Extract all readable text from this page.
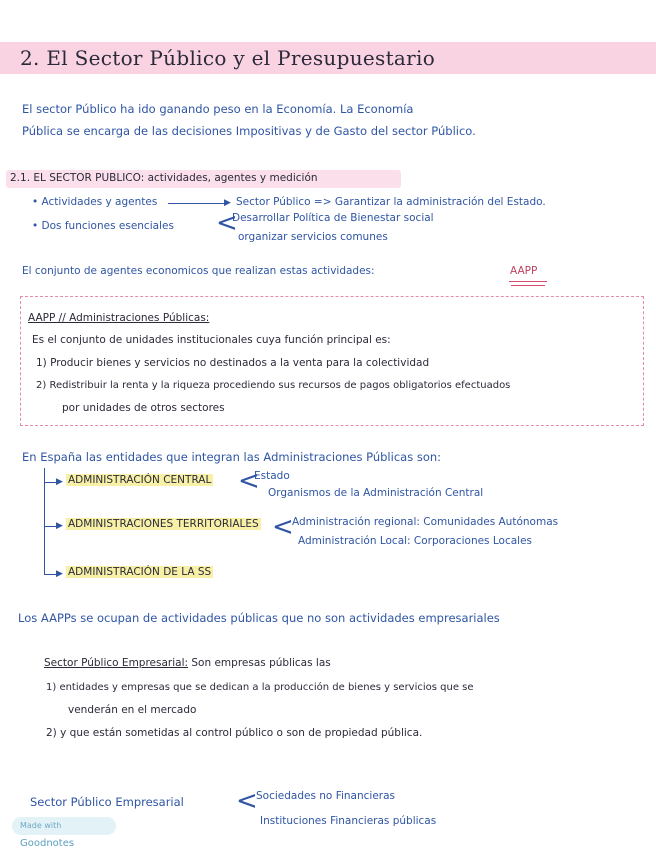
2. El Sector Público y el Presupuestario
El sector Público ha ido ganando peso en la Economía. La Economía
Pública se encarga de las decisiones Impositivas y de Gasto del sector Público.
2.1. EL SECTOR PUBLICO: actividades, agentes y medición
• Actividades y agentes	▶ Sector Público => Garantizar la administración del Estado.
• Dos funciones esenciales <
Desarrollar Política de Bienestar social
organizar servicios comunes
El conjunto de agentes economicos que realizan estas actividades:	AAPP
AAPP // Administraciones Públicas:
Es el conjunto de unidades institucionales cuya función principal es:
1) Producir bienes y servicios no destinados a la venta para la colectividad
2) Redistribuir la renta y la riqueza procediendo sus recursos de pagos obligatorios efectuados
por unidades de otros sectores
En España las entidades que integran las Administraciones Públicas son:
▶ ADMINISTRACIÓN CENTRAL <
Estado
Organismos de la Administración Central
▶ ADMINISTRACIONES TERRITORIALES <
Administración regional: Comunidades Autónomas
Administración Local: Corporaciones Locales
▶ ADMINISTRACIÓN DE LA SS
Los AAPPs se ocupan de actividades públicas que no son actividades empresariales
Sector Público Empresarial: Son empresas públicas las
1) entidades y empresas que se dedican a la producción de bienes y servicios que se
venderán en el mercado
2) y que están sometidas al control público o son de propiedad pública.
Sector Público Empresarial <
Sociedades no Financieras
Instituciones Financieras públicas
Made with Goodnotes
